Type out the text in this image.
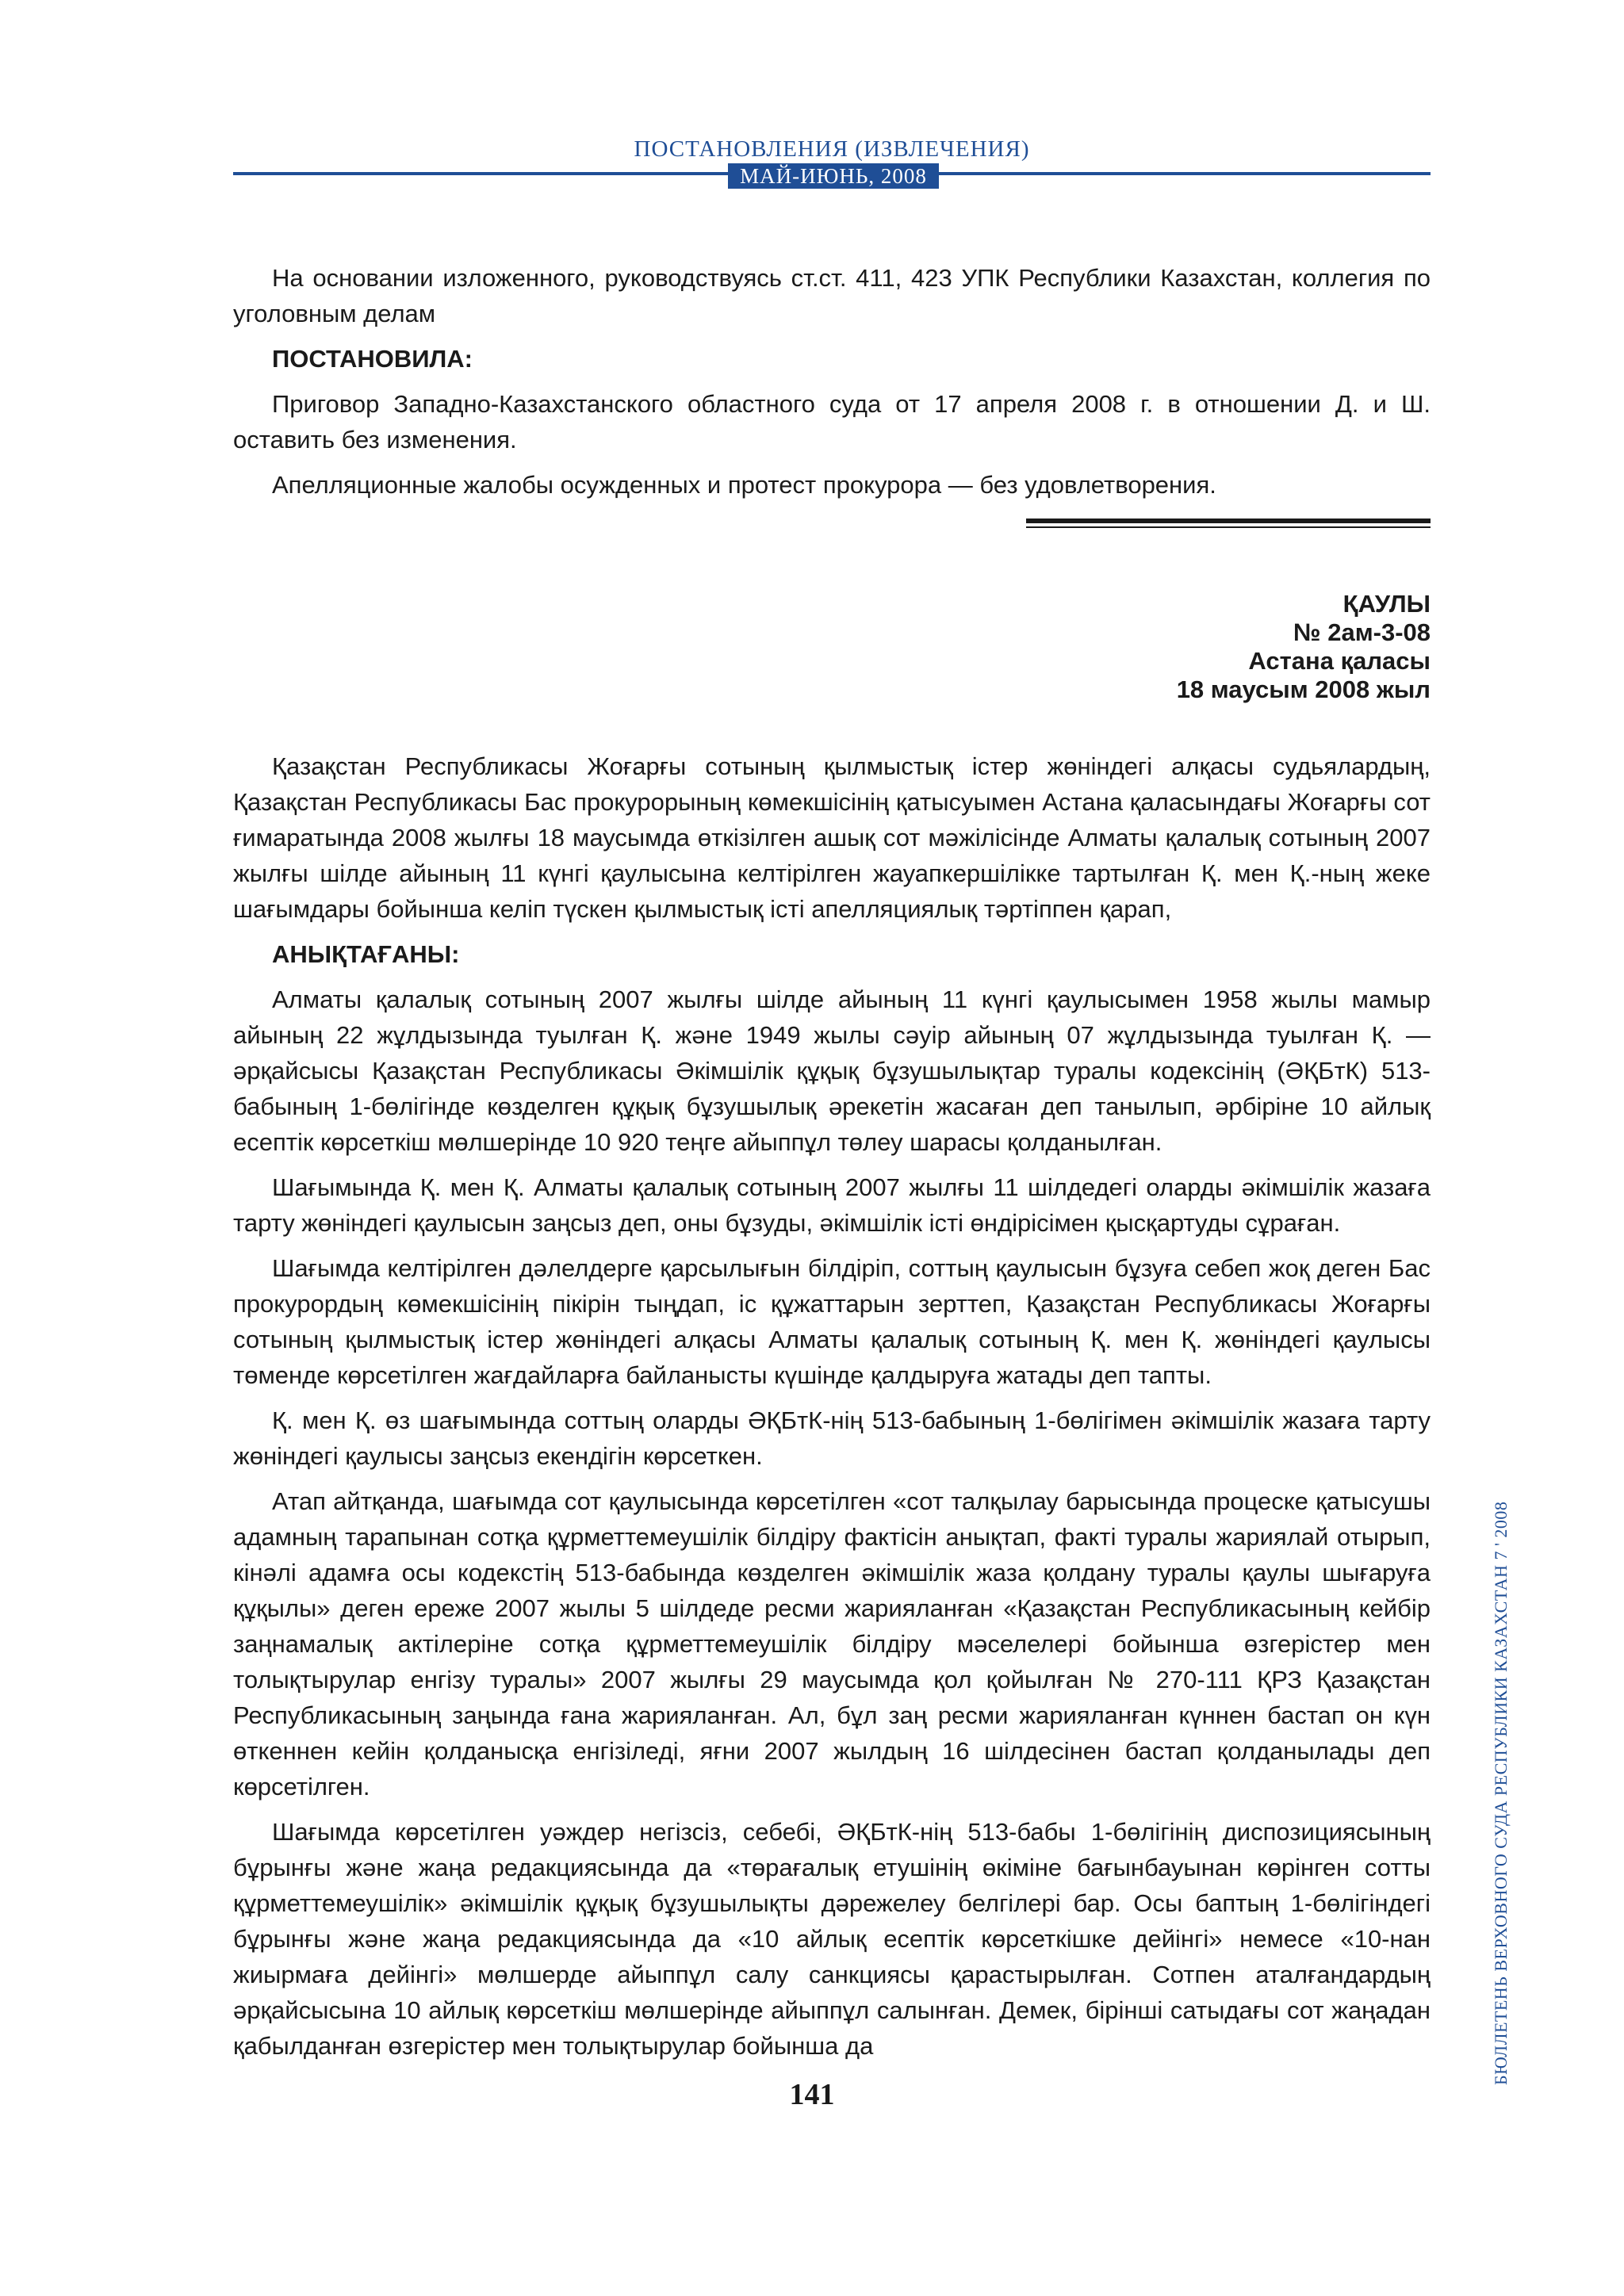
ПОСТАНОВЛЕНИЯ (ИЗВЛЕЧЕНИЯ)
МАЙ-ИЮНЬ, 2008

На основании изложенного, руководствуясь ст.ст. 411, 423 УПК Республики Казахстан, коллегия по уголовным делам

ПОСТАНОВИЛА:

Приговор Западно-Казахстанского областного суда от 17 апреля 2008 г. в отношении Д. и Ш. оставить без изменения.

Апелляционные жалобы осужденных и протест прокурора — без удовлетворения.

ҚАУЛЫ
№ 2ам-3-08
Астана қаласы
18 маусым 2008 жыл

Қазақстан Республикасы Жоғарғы сотының қылмыстық істер жөніндегі алқасы судьялардың, Қазақстан Республикасы Бас прокурорының көмекшісінің қатысуымен Астана қаласындағы Жоғарғы сот ғимаратында 2008 жылғы 18 маусымда өткізілген ашық сот мәжілісінде Алматы қалалық сотының 2007 жылғы шілде айының 11 күнгі қаулысына келтірілген жауапкершілікке тартылған Қ. мен Қ.-ның жеке шағымдары бойынша келіп түскен қылмыстық істі апелляциялық тәртіппен қарап,

АНЫҚТАҒАНЫ:

Алматы қалалық сотының 2007 жылғы шілде айының 11 күнгі қаулысымен 1958 жылы мамыр айының 22 жұлдызында туылған Қ. және 1949 жылы сәуір айының 07 жұлдызында туылған Қ. — әрқайсысы Қазақстан Республикасы Әкімшілік құқық бұзушылықтар туралы кодексінің (ӘҚБтК) 513-бабының 1-бөлігінде көзделген құқық бұзушылық әрекетін жасаған деп танылып, әрбіріне 10 айлық есептік көрсеткіш мөлшерінде 10 920 теңге айыппұл төлеу шарасы қолданылған.

Шағымында Қ. мен Қ. Алматы қалалық сотының 2007 жылғы 11 шілдедегі оларды әкімшілік жазаға тарту жөніндегі қаулысын заңсыз деп, оны бұзуды, әкімшілік істі өндірісімен қысқартуды сұраған.

Шағымда келтірілген дәлелдерге қарсылығын білдіріп, соттың қаулысын бұзуға себеп жоқ деген Бас прокурордың көмекшісінің пікірін тыңдап, іс құжаттарын зерттеп, Қазақстан Республикасы Жоғарғы сотының қылмыстық істер жөніндегі алқасы Алматы қалалық сотының Қ. мен Қ. жөніндегі қаулысы төменде көрсетілген жағдайларға байланысты күшінде қалдыруға жатады деп тапты.

Қ. мен Қ. өз шағымында соттың оларды ӘҚБтК-нің 513-бабының 1-бөлігімен әкімшілік жазаға тарту жөніндегі қаулысы заңсыз екендігін көрсеткен.

Атап айтқанда, шағымда сот қаулысында көрсетілген «сот талқылау барысында процеске қатысушы адамның тарапынан сотқа құрметтемеушілік білдіру фактісін анықтап, факті туралы жариялай отырып, кінәлі адамға осы кодекстің 513-бабында көзделген әкімшілік жаза қолдану туралы қаулы шығаруға құқылы» деген ереже 2007 жылы 5 шілдеде ресми жарияланған «Қазақстан Республикасының кейбір заңнамалық актілеріне сотқа құрметтемеушілік білдіру мәселелері бойынша өзгерістер мен толықтырулар енгізу туралы» 2007 жылғы 29 маусымда қол қойылған № 270-111 ҚРЗ Қазақстан Республикасының заңында ғана жарияланған. Ал, бұл заң ресми жарияланған күннен бастап он күн өткеннен кейін қолданысқа енгізіледі, яғни 2007 жылдың 16 шілдесінен бастап қолданылады деп көрсетілген.

Шағымда көрсетілген уәждер негізсіз, себебі, ӘҚБтК-нің 513-бабы 1-бөлігінің диспозициясының бұрынғы және жаңа редакциясында да «төрағалық етушінің өкіміне бағынбауынан көрінген сотты құрметтемеушілік» әкімшілік құқық бұзушылықты дәрежелеу белгілері бар. Осы баптың 1-бөлігіндегі бұрынғы және жаңа редакциясында да «10 айлық есептік көрсеткішке дейінгі» немесе «10-нан жиырмаға дейінгі» мөлшерде айыппұл салу санкциясы қарастырылған. Сотпен аталғандардың әрқайсысына 10 айлық көрсеткіш мөлшерінде айыппұл салынған. Демек, бірінші сатыдағы сот жаңадан қабылданған өзгерістер мен толықтырулар бойынша да

141
БЮЛЛЕТЕНЬ ВЕРХОВНОГО СУДА РЕСПУБЛИКИ КАЗАХСТАН 7 ' 2008
